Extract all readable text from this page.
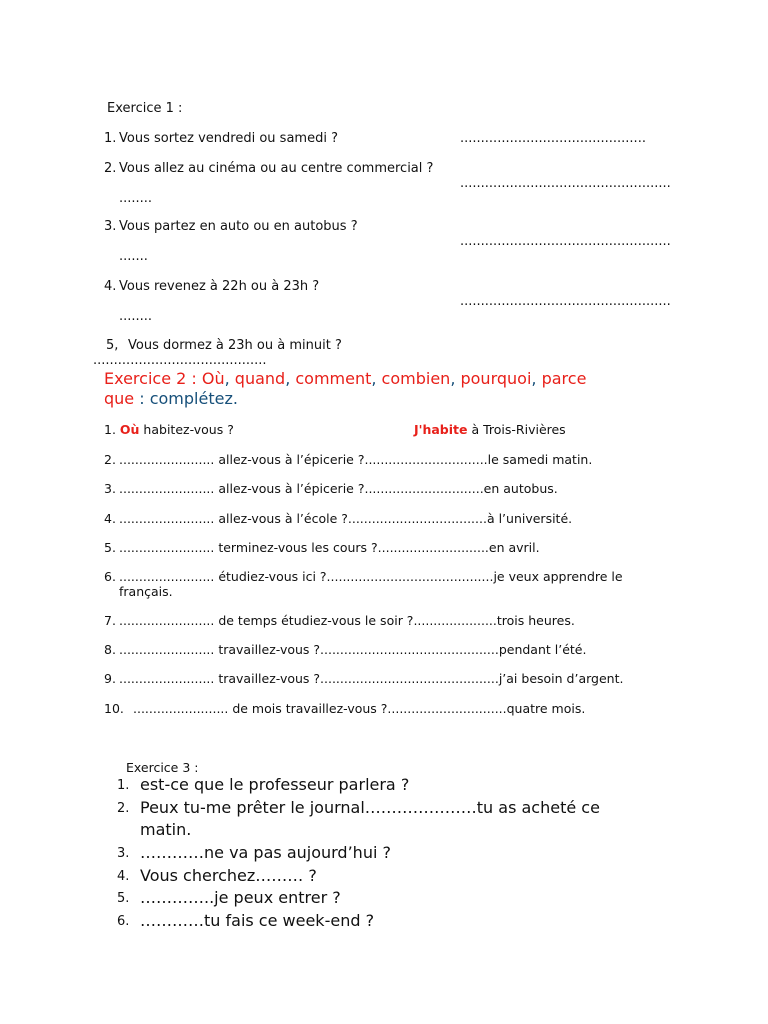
Exercice 1 :
1. Vous sortez vendredi ou samedi ?	.............................................
2. Vous allez au cinéma ou au centre commercial ?
...................................................
........
3. Vous partez en auto ou en autobus ?
...................................................
.......
4. Vous revenez à 22h ou à 23h ?
...................................................
........
5, Vous dormez à 23h ou à minuit ?
..........................................
Exercice 2 : Où, quand, comment, combien, pourquoi, parce
que : complétez.
1. Où habitez-vous ?	J'habite à Trois-Rivières
2. ........................ allez-vous à l’épicerie ?...............................le samedi matin.
3. ........................ allez-vous à l’épicerie ?..............................en autobus.
4. ........................ allez-vous à l’école ?...................................à l’université.
5. ........................ terminez-vous les cours ?............................en avril.
6. ........................ étudiez-vous ici ?..........................................je veux apprendre le
français.
7. ........................ de temps étudiez-vous le soir ?.....................trois heures.
8. ........................ travaillez-vous ?.............................................pendant l’été.
9. ........................ travaillez-vous ?.............................................j’ai besoin d’argent.
10. ........................ de mois travaillez-vous ?..............................quatre mois.
Exercice 3 :
1. est-ce que le professeur parlera ?
2. Peux tu-me prêter le journal…………………tu as acheté ce
matin.
3. …………ne va pas aujourd’hui ?
4. Vous cherchez……… ?
5. …………..je peux entrer ?
6. …………tu fais ce week-end ?
